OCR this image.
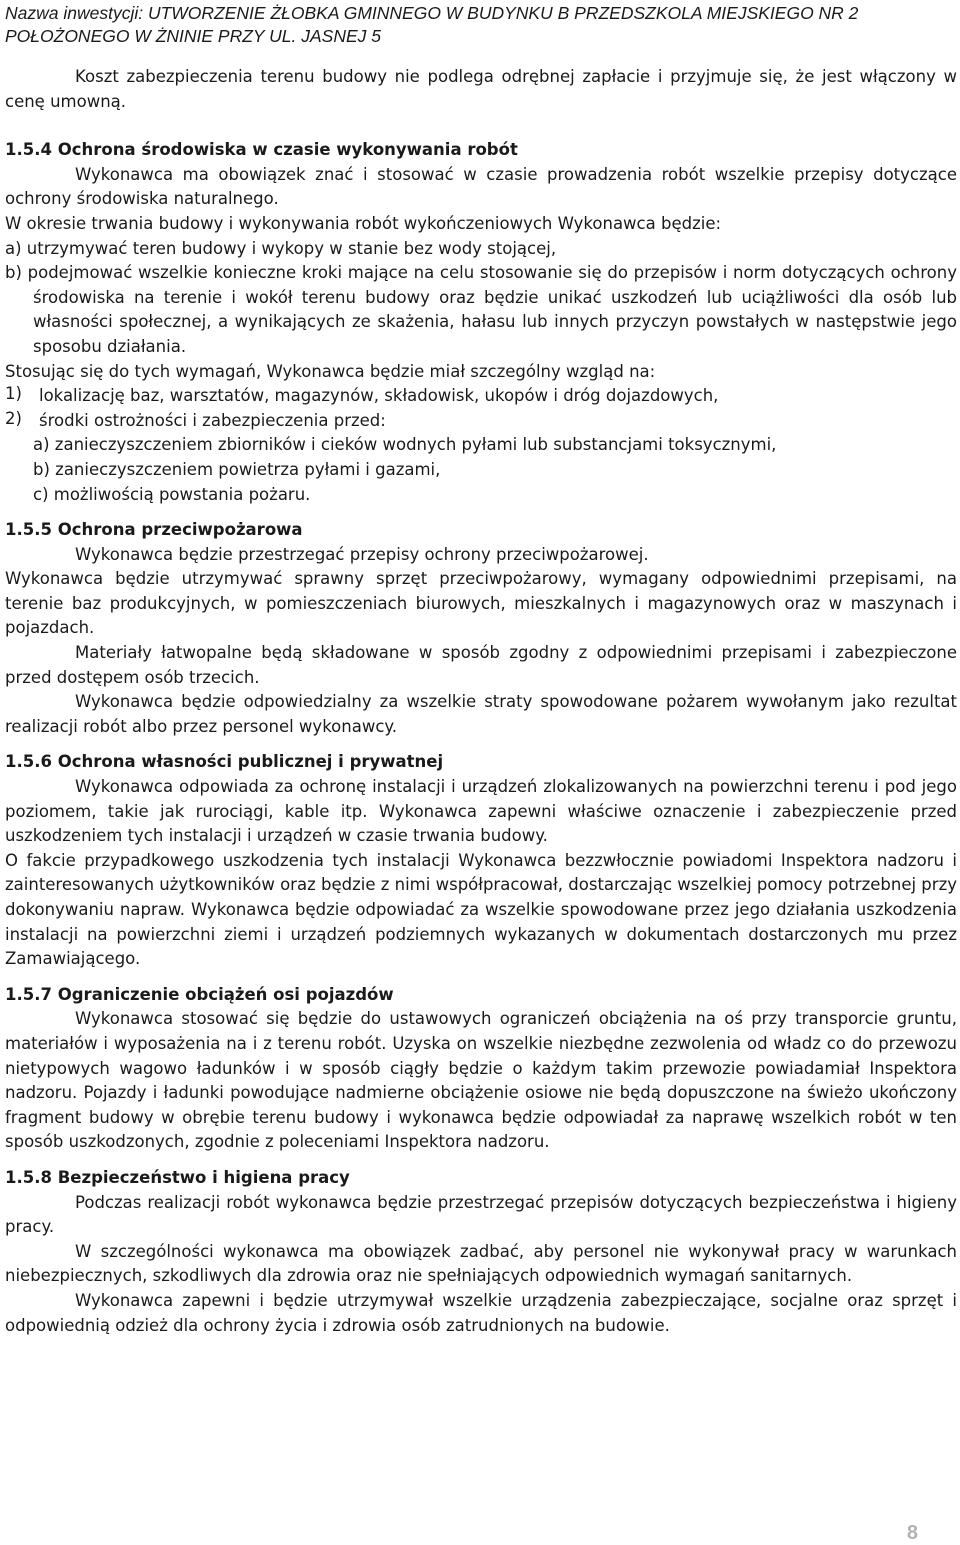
Nazwa inwestycji: UTWORZENIE ŻŁOBKA GMINNEGO W BUDYNKU B PRZEDSZKOLA MIEJSKIEGO NR 2
POŁOŻONEGO W ŻNINIE PRZY UL. JASNEJ 5

Koszt zabezpieczenia terenu budowy nie podlega odrębnej zapłacie i przyjmuje się, że jest włączony w cenę umowną.

1.5.4 Ochrona środowiska w czasie wykonywania robót

Wykonawca ma obowiązek znać i stosować w czasie prowadzenia robót wszelkie przepisy dotyczące ochrony środowiska naturalnego.

W okresie trwania budowy i wykonywania robót wykończeniowych Wykonawca będzie:

a) utrzymywać teren budowy i wykopy w stanie bez wody stojącej,

b) podejmować wszelkie konieczne kroki mające na celu stosowanie się do przepisów i norm dotyczących ochrony środowiska na terenie i wokół terenu budowy oraz będzie unikać uszkodzeń lub uciążliwości dla osób lub własności społecznej, a wynikających ze skażenia, hałasu lub innych przyczyn powstałych w następstwie jego sposobu działania.

Stosując się do tych wymagań, Wykonawca będzie miał szczególny wzgląd na:

1)	lokalizację baz, warsztatów, magazynów, składowisk, ukopów i dróg dojazdowych,

2)	środki ostrożności i zabezpieczenia przed:

a) zanieczyszczeniem zbiorników i cieków wodnych pyłami lub substancjami toksycznymi,

b) zanieczyszczeniem powietrza pyłami i gazami,

c) możliwością powstania pożaru.

1.5.5 Ochrona przeciwpożarowa

Wykonawca będzie przestrzegać przepisy ochrony przeciwpożarowej.

Wykonawca będzie utrzymywać sprawny sprzęt przeciwpożarowy, wymagany odpowiednimi przepisami, na terenie baz produkcyjnych, w pomieszczeniach biurowych, mieszkalnych i magazynowych oraz w maszynach i pojazdach.

Materiały łatwopalne będą składowane w sposób zgodny z odpowiednimi przepisami i zabezpieczone przed dostępem osób trzecich.

Wykonawca będzie odpowiedzialny za wszelkie straty spowodowane pożarem wywołanym jako rezultat realizacji robót albo przez personel wykonawcy.

1.5.6 Ochrona własności publicznej i prywatnej

Wykonawca odpowiada za ochronę instalacji i urządzeń zlokalizowanych na powierzchni terenu i pod jego poziomem, takie jak rurociągi, kable itp. Wykonawca zapewni właściwe oznaczenie i zabezpieczenie przed uszkodzeniem tych instalacji i urządzeń w czasie trwania budowy.

O fakcie przypadkowego uszkodzenia tych instalacji Wykonawca bezzwłocznie powiadomi Inspektora nadzoru i zainteresowanych użytkowników oraz będzie z nimi współpracował, dostarczając wszelkiej pomocy potrzebnej przy dokonywaniu napraw. Wykonawca będzie odpowiadać za wszelkie spowodowane przez jego działania uszkodzenia instalacji na powierzchni ziemi i urządzeń podziemnych wykazanych w dokumentach dostarczonych mu przez Zamawiającego.

1.5.7 Ograniczenie obciążeń osi pojazdów

Wykonawca stosować się będzie do ustawowych ograniczeń obciążenia na oś przy transporcie gruntu, materiałów i wyposażenia na i z terenu robót. Uzyska on wszelkie niezbędne zezwolenia od władz co do przewozu nietypowych wagowo ładunków i w sposób ciągły będzie o każdym takim przewozie powiadamiał Inspektora nadzoru. Pojazdy i ładunki powodujące nadmierne obciążenie osiowe nie będą dopuszczone na świeżo ukończony fragment budowy w obrębie terenu budowy i wykonawca będzie odpowiadał za naprawę wszelkich robót w ten sposób uszkodzonych, zgodnie z poleceniami Inspektora nadzoru.

1.5.8 Bezpieczeństwo i higiena pracy

Podczas realizacji robót wykonawca będzie przestrzegać przepisów dotyczących bezpieczeństwa i higieny pracy.

W szczególności wykonawca ma obowiązek zadbać, aby personel nie wykonywał pracy w warunkach niebezpiecznych, szkodliwych dla zdrowia oraz nie spełniających odpowiednich wymagań sanitarnych.

Wykonawca zapewni i będzie utrzymywał wszelkie urządzenia zabezpieczające, socjalne oraz sprzęt i odpowiednią odzież dla ochrony życia i zdrowia osób zatrudnionych na budowie.

8
